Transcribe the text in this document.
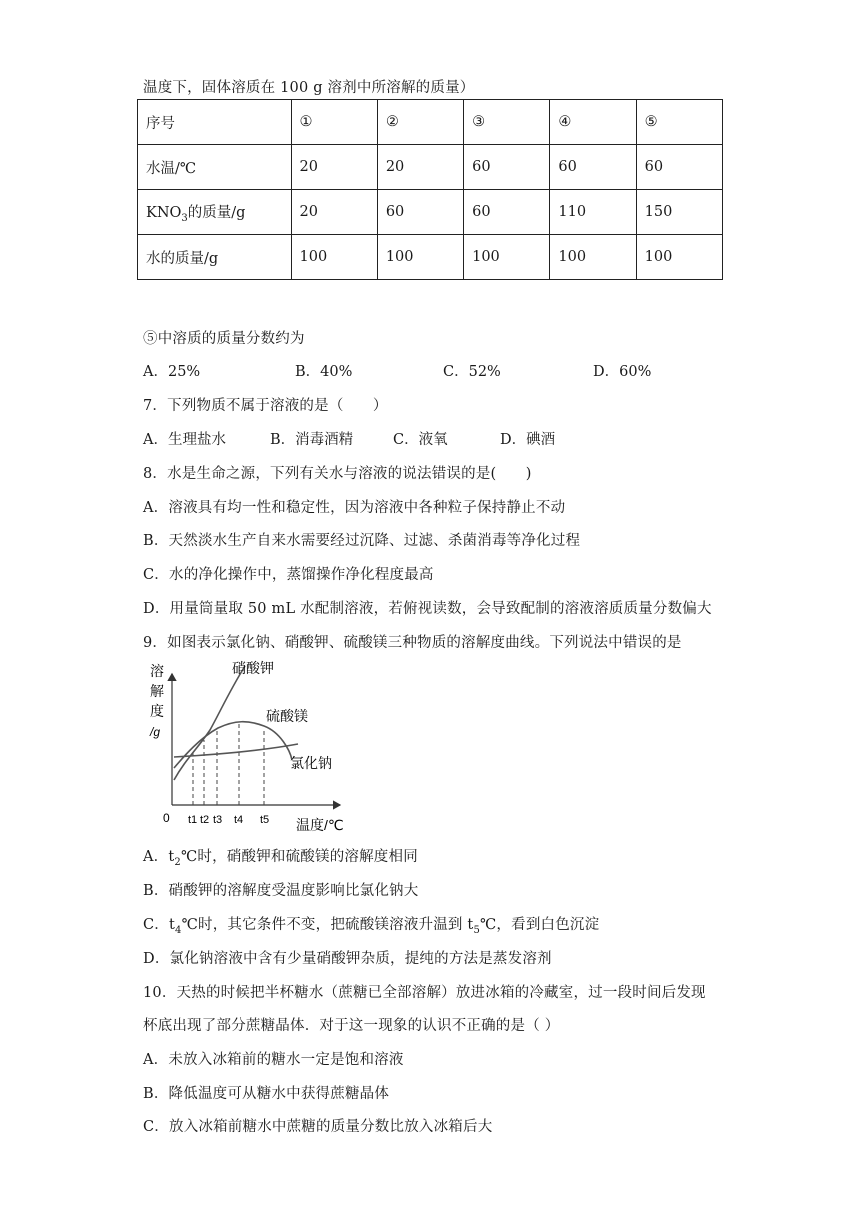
温度下，固体溶质在 100 g 溶剂中所溶解的质量）
序号	①	②	③	④	⑤
水温/℃	20	20	60	60	60
$KNO_3$的质量/g	20	60	60	110	150
水的质量/g	100	100	100	100	100
⑤中溶质的质量分数约为
A．25%	B．40%	C．52%	D．60%
7．下列物质不属于溶液的是（　　）
A．生理盐水	B．消毒酒精	C．液氧	D．碘酒
8．水是生命之源，下列有关水与溶液的说法错误的是(　　)
A．溶液具有均一性和稳定性，因为溶液中各种粒子保持静止不动
B．天然淡水生产自来水需要经过沉降、过滤、杀菌消毒等净化过程
C．水的净化操作中，蒸馏操作净化程度最高
D．用量筒量取 50 mL 水配制溶液，若俯视读数，会导致配制的溶液溶质质量分数偏大
9．如图表示氯化钠、硝酸钾、硫酸镁三种物质的溶解度曲线。下列说法中错误的是
溶
解
度
/g
硝酸钾
硫酸镁
氯化钠
0 t1 t2 t3 t4 t5 温度/℃
A．$t_2℃$时，硝酸钾和硫酸镁的溶解度相同
B．硝酸钾的溶解度受温度影响比氯化钠大
C．$t_4℃$时，其它条件不变，把硫酸镁溶液升温到 $t_5℃$，看到白色沉淀
D．氯化钠溶液中含有少量硝酸钾杂质，提纯的方法是蒸发溶剂
10．天热的时候把半杯糖水（蔗糖已全部溶解）放进冰箱的冷藏室，过一段时间后发现
杯底出现了部分蔗糖晶体．对于这一现象的认识不正确的是（ ）
A．未放入冰箱前的糖水一定是饱和溶液
B．降低温度可从糖水中获得蔗糖晶体
C．放入冰箱前糖水中蔗糖的质量分数比放入冰箱后大
